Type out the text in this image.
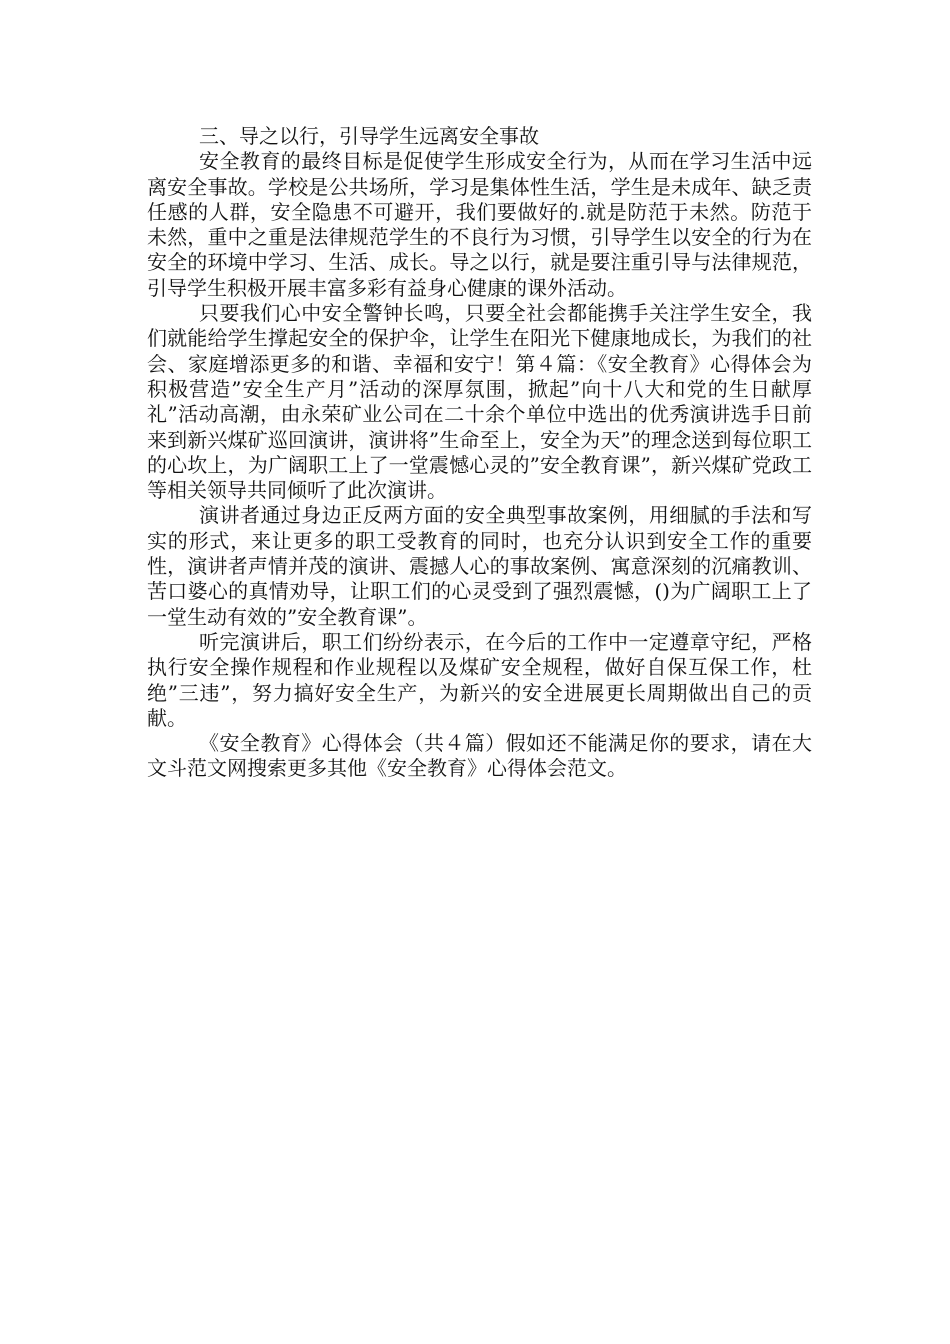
三、导之以行，引导学生远离安全事故

安全教育的最终目标是促使学生形成安全行为，从而在学习生活中远离安全事故。学校是公共场所，学习是集体性生活，学生是未成年、缺乏责任感的人群，安全隐患不可避开，我们要做好的.就是防范于未然。防范于未然，重中之重是法律规范学生的不良行为习惯，引导学生以安全的行为在安全的环境中学习、生活、成长。导之以行，就是要注重引导与法律规范，引导学生积极开展丰富多彩有益身心健康的课外活动。

只要我们心中安全警钟长鸣，只要全社会都能携手关注学生安全，我们就能给学生撑起安全的保护伞，让学生在阳光下健康地成长，为我们的社会、家庭增添更多的和谐、幸福和安宁！第４篇：《安全教育》心得体会为积极营造”安全生产月”活动的深厚氛围，掀起”向十八大和党的生日献厚礼”活动高潮，由永荣矿业公司在二十余个单位中选出的优秀演讲选手日前来到新兴煤矿巡回演讲，演讲将”生命至上，安全为天”的理念送到每位职工的心坎上，为广阔职工上了一堂震憾心灵的”安全教育课”，新兴煤矿党政工等相关领导共同倾听了此次演讲。

演讲者通过身边正反两方面的安全典型事故案例，用细腻的手法和写实的形式，来让更多的职工受教育的同时，也充分认识到安全工作的重要性，演讲者声情并茂的演讲、震撼人心的事故案例、寓意深刻的沉痛教训、苦口婆心的真情劝导，让职工们的心灵受到了强烈震憾，()为广阔职工上了一堂生动有效的”安全教育课”。

听完演讲后，职工们纷纷表示，在今后的工作中一定遵章守纪，严格执行安全操作规程和作业规程以及煤矿安全规程，做好自保互保工作，杜绝”三违”，努力搞好安全生产，为新兴的安全进展更长周期做出自己的贡献。

《安全教育》心得体会（共４篇）假如还不能满足你的要求，请在大文斗范文网搜索更多其他《安全教育》心得体会范文。
